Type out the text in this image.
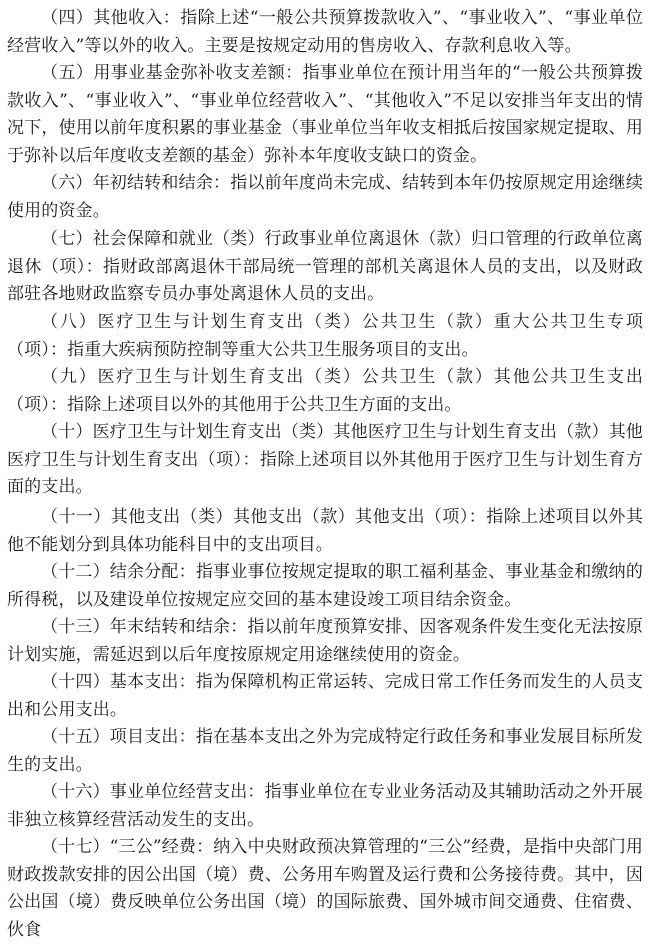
（四）其他收入：指除上述“一般公共预算拨款收入”、“事业收入”、“事业单位经营收入”等以外的收入。主要是按规定动用的售房收入、存款利息收入等。

（五）用事业基金弥补收支差额：指事业单位在预计用当年的“一般公共预算拨款收入”、“事业收入”、“事业单位经营收入”、“其他收入”不足以安排当年支出的情况下，使用以前年度积累的事业基金（事业单位当年收支相抵后按国家规定提取、用于弥补以后年度收支差额的基金）弥补本年度收支缺口的资金。

（六）年初结转和结余：指以前年度尚未完成、结转到本年仍按原规定用途继续使用的资金。

（七）社会保障和就业（类）行政事业单位离退休（款）归口管理的行政单位离退休（项）：指财政部离退休干部局统一管理的部机关离退休人员的支出，以及财政部驻各地财政监察专员办事处离退休人员的支出。

（八）医疗卫生与计划生育支出（类）公共卫生（款）重大公共卫生专项（项）：指重大疾病预防控制等重大公共卫生服务项目的支出。

（九）医疗卫生与计划生育支出（类）公共卫生（款）其他公共卫生支出（项）：指除上述项目以外的其他用于公共卫生方面的支出。

（十）医疗卫生与计划生育支出（类）其他医疗卫生与计划生育支出（款）其他医疗卫生与计划生育支出（项）：指除上述项目以外其他用于医疗卫生与计划生育方面的支出。

（十一）其他支出（类）其他支出（款）其他支出（项）：指除上述项目以外其他不能划分到具体功能科目中的支出项目。

（十二）结余分配：指事业事位按规定提取的职工福利基金、事业基金和缴纳的所得税，以及建设单位按规定应交回的基本建设竣工项目结余资金。

（十三）年末结转和结余：指以前年度预算安排、因客观条件发生变化无法按原计划实施，需延迟到以后年度按原规定用途继续使用的资金。

（十四）基本支出：指为保障机构正常运转、完成日常工作任务而发生的人员支出和公用支出。

（十五）项目支出：指在基本支出之外为完成特定行政任务和事业发展目标所发生的支出。

（十六）事业单位经营支出：指事业单位在专业业务活动及其辅助活动之外开展非独立核算经营活动发生的支出。

（十七）“三公”经费：纳入中央财政预决算管理的“三公”经费，是指中央部门用财政拨款安排的因公出国（境）费、公务用车购置及运行费和公务接待费。其中，因公出国（境）费反映单位公务出国（境）的国际旅费、国外城市间交通费、住宿费、伙食
